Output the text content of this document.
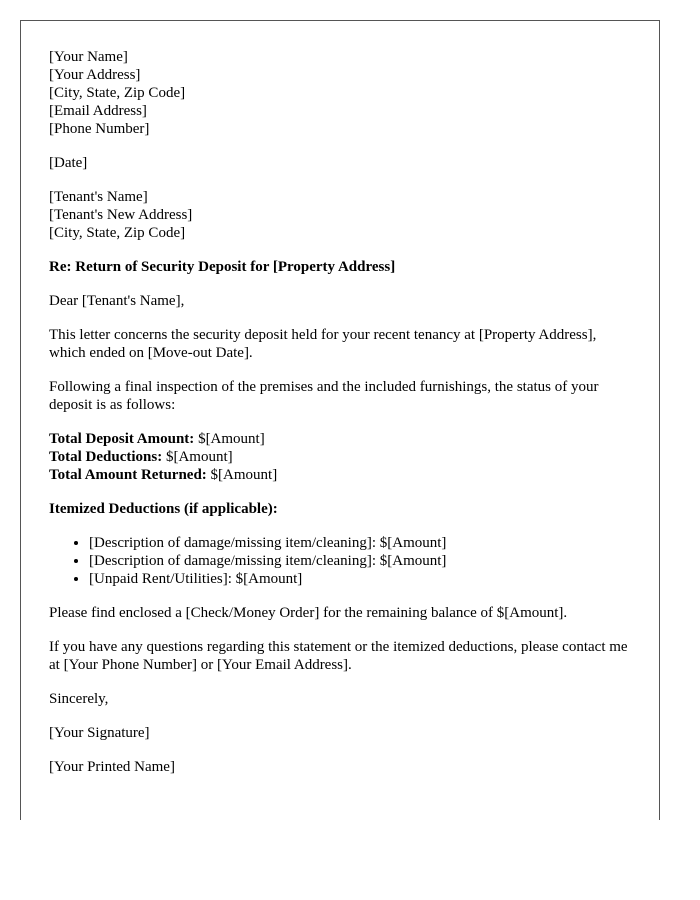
[Your Name]
[Your Address]
[City, State, Zip Code]
[Email Address]
[Phone Number]
[Date]
[Tenant's Name]
[Tenant's New Address]
[City, State, Zip Code]
Re: Return of Security Deposit for [Property Address]
Dear [Tenant's Name],

This letter concerns the security deposit held for your recent tenancy at [Property Address], which ended on [Move-out Date].

Following a final inspection of the premises and the included furnishings, the status of your deposit is as follows:

Total Deposit Amount: $[Amount]
Total Deductions: $[Amount]
Total Amount Returned: $[Amount]
Itemized Deductions (if applicable):
• [Description of damage/missing item/cleaning]: $[Amount]
• [Description of damage/missing item/cleaning]: $[Amount]
• [Unpaid Rent/Utilities]: $[Amount]

Please find enclosed a [Check/Money Order] for the remaining balance of $[Amount].

If you have any questions regarding this statement or the itemized deductions, please contact me at [Your Phone Number] or [Your Email Address].

Sincerely,
[Your Signature]
[Your Printed Name]
